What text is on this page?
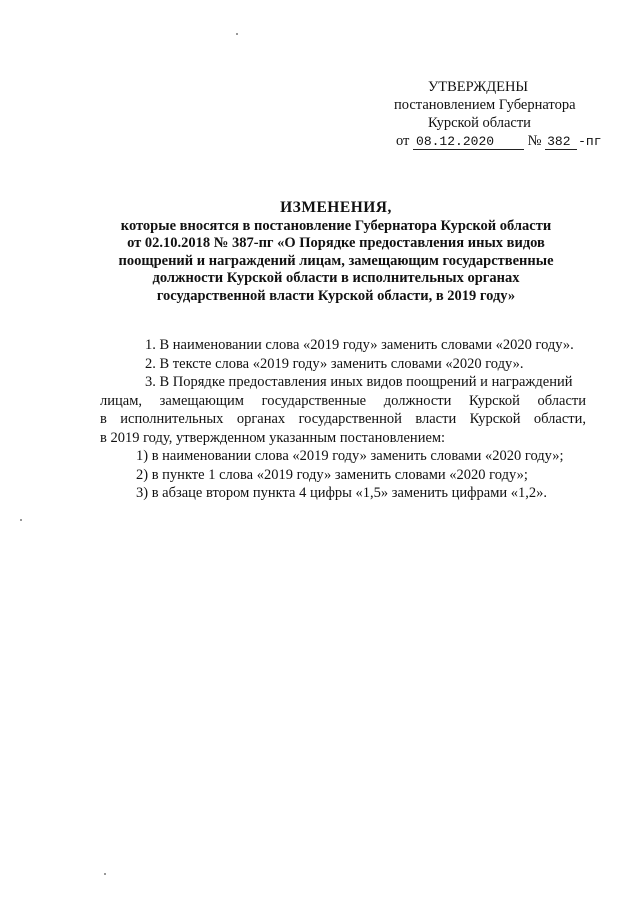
УТВЕРЖДЕНЫ
постановлением Губернатора
Курской области
от 08.12.2020 № 382 -пг
ИЗМЕНЕНИЯ,
которые вносятся в постановление Губернатора Курской области
от 02.10.2018 № 387-пг «О Порядке предоставления иных видов
поощрений и награждений лицам, замещающим государственные
должности Курской области в исполнительных органах
государственной власти Курской области, в 2019 году»
1. В наименовании слова «2019 году» заменить словами «2020 году».
2. В тексте слова «2019 году» заменить словами «2020 году».
3. В Порядке предоставления иных видов поощрений и награждений
лицам, замещающим государственные должности Курской области
в исполнительных органах государственной власти Курской области,
в 2019 году, утвержденном указанным постановлением:
1) в наименовании слова «2019 году» заменить словами «2020 году»;
2) в пункте 1 слова «2019 году» заменить словами «2020 году»;
3) в абзаце втором пункта 4 цифры «1,5» заменить цифрами «1,2».
